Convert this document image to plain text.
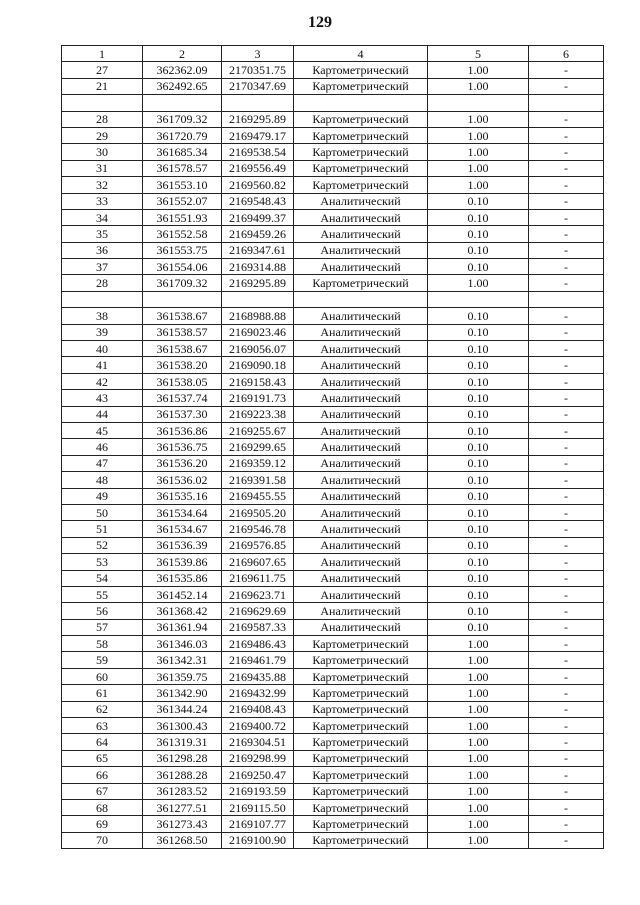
129
1	2	3	4	5	6
27	362362.09	2170351.75	Картометрический	1.00	-
21	362492.65	2170347.69	Картометрический	1.00	-

28	361709.32	2169295.89	Картометрический	1.00	-
29	361720.79	2169479.17	Картометрический	1.00	-
30	361685.34	2169538.54	Картометрический	1.00	-
31	361578.57	2169556.49	Картометрический	1.00	-
32	361553.10	2169560.82	Картометрический	1.00	-
33	361552.07	2169548.43	Аналитический	0.10	-
34	361551.93	2169499.37	Аналитический	0.10	-
35	361552.58	2169459.26	Аналитический	0.10	-
36	361553.75	2169347.61	Аналитический	0.10	-
37	361554.06	2169314.88	Аналитический	0.10	-
28	361709.32	2169295.89	Картометрический	1.00	-

38	361538.67	2168988.88	Аналитический	0.10	-
39	361538.57	2169023.46	Аналитический	0.10	-
40	361538.67	2169056.07	Аналитический	0.10	-
41	361538.20	2169090.18	Аналитический	0.10	-
42	361538.05	2169158.43	Аналитический	0.10	-
43	361537.74	2169191.73	Аналитический	0.10	-
44	361537.30	2169223.38	Аналитический	0.10	-
45	361536.86	2169255.67	Аналитический	0.10	-
46	361536.75	2169299.65	Аналитический	0.10	-
47	361536.20	2169359.12	Аналитический	0.10	-
48	361536.02	2169391.58	Аналитический	0.10	-
49	361535.16	2169455.55	Аналитический	0.10	-
50	361534.64	2169505.20	Аналитический	0.10	-
51	361534.67	2169546.78	Аналитический	0.10	-
52	361536.39	2169576.85	Аналитический	0.10	-
53	361539.86	2169607.65	Аналитический	0.10	-
54	361535.86	2169611.75	Аналитический	0.10	-
55	361452.14	2169623.71	Аналитический	0.10	-
56	361368.42	2169629.69	Аналитический	0.10	-
57	361361.94	2169587.33	Аналитический	0.10	-
58	361346.03	2169486.43	Картометрический	1.00	-
59	361342.31	2169461.79	Картометрический	1.00	-
60	361359.75	2169435.88	Картометрический	1.00	-
61	361342.90	2169432.99	Картометрический	1.00	-
62	361344.24	2169408.43	Картометрический	1.00	-
63	361300.43	2169400.72	Картометрический	1.00	-
64	361319.31	2169304.51	Картометрический	1.00	-
65	361298.28	2169298.99	Картометрический	1.00	-
66	361288.28	2169250.47	Картометрический	1.00	-
67	361283.52	2169193.59	Картометрический	1.00	-
68	361277.51	2169115.50	Картометрический	1.00	-
69	361273.43	2169107.77	Картометрический	1.00	-
70	361268.50	2169100.90	Картометрический	1.00	-
